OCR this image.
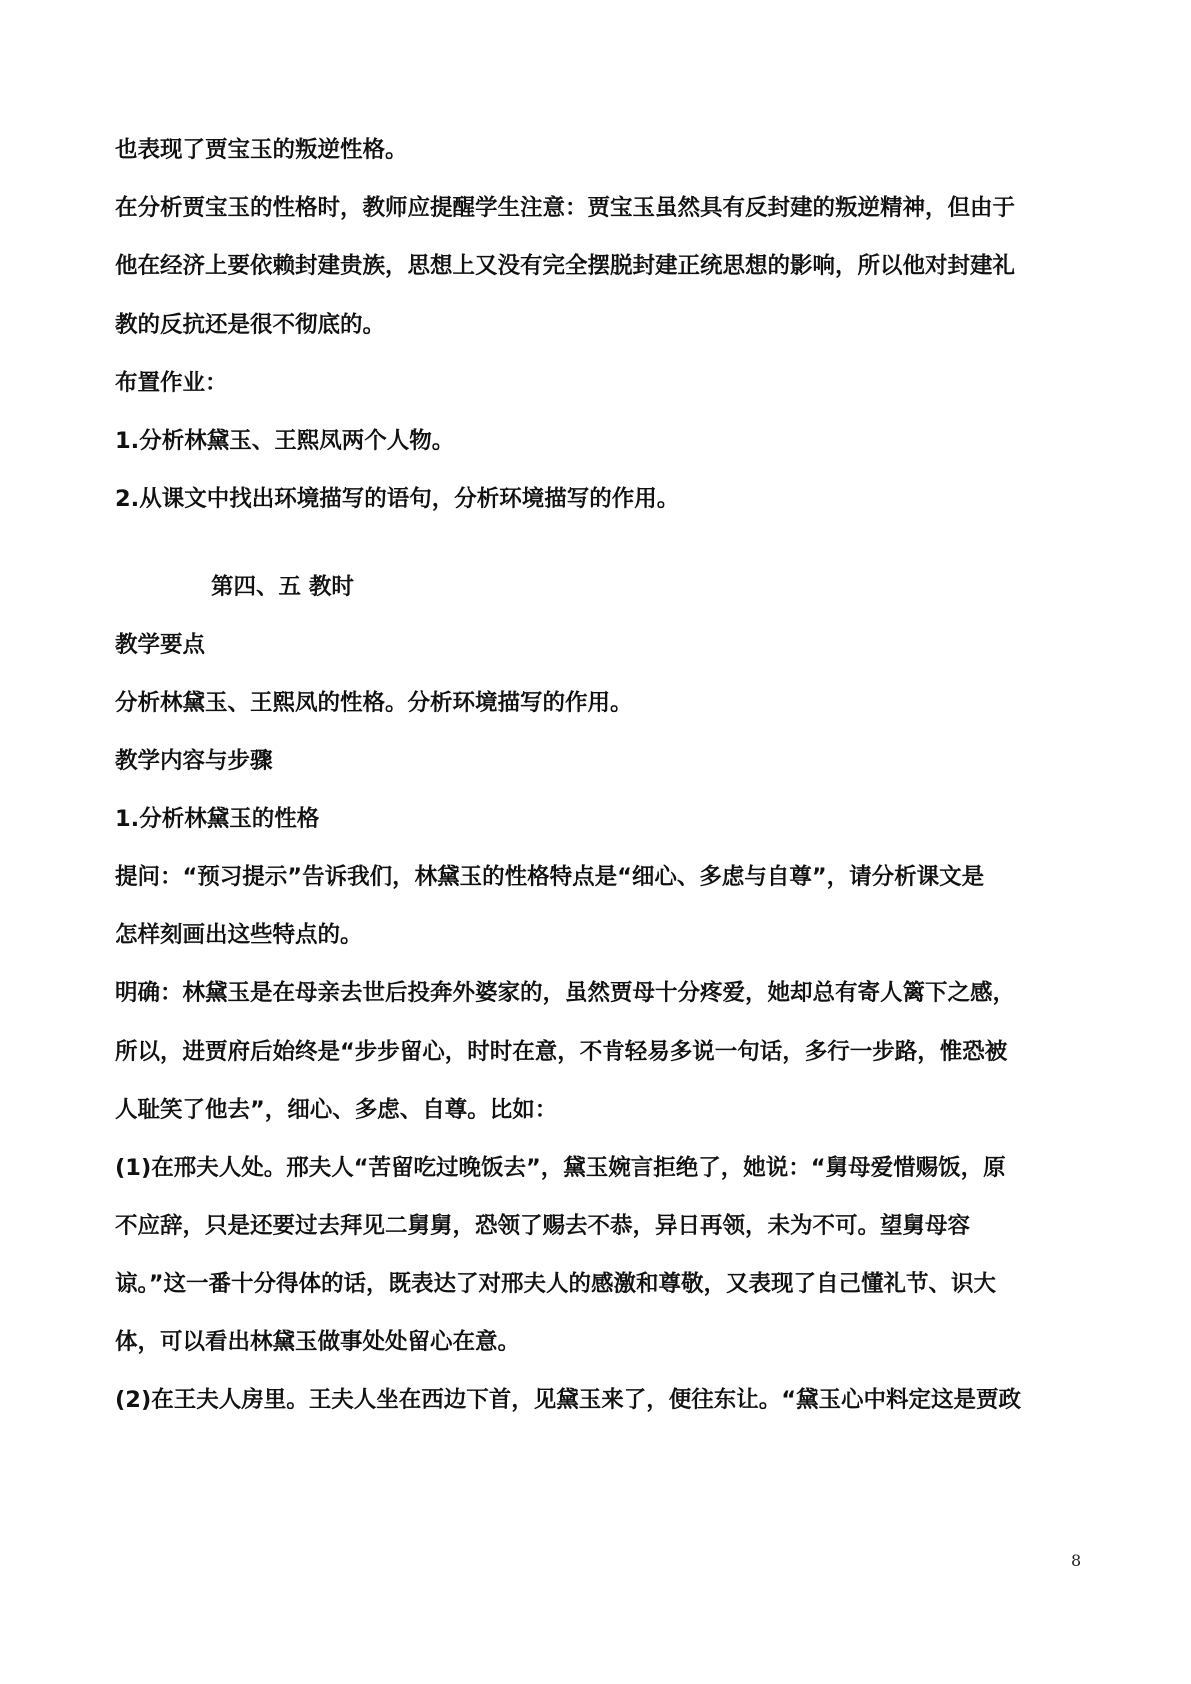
也表现了贾宝玉的叛逆性格。
在分析贾宝玉的性格时，教师应提醒学生注意：贾宝玉虽然具有反封建的叛逆精神，但由于
他在经济上要依赖封建贵族，思想上又没有完全摆脱封建正统思想的影响，所以他对封建礼
教的反抗还是很不彻底的。
布置作业：
1.分析林黛玉、王熙凤两个人物。
2.从课文中找出环境描写的语句，分析环境描写的作用。
第四、五 教时
教学要点
分析林黛玉、王熙凤的性格。分析环境描写的作用。
教学内容与步骤
1.分析林黛玉的性格
提问：“预习提示”告诉我们，林黛玉的性格特点是“细心、多虑与自尊”，请分析课文是
怎样刻画出这些特点的。
明确：林黛玉是在母亲去世后投奔外婆家的，虽然贾母十分疼爱，她却总有寄人篱下之感，
所以，进贾府后始终是“步步留心，时时在意，不肯轻易多说一句话，多行一步路，惟恐被
人耻笑了他去”，细心、多虑、自尊。比如：
(1)在邢夫人处。邢夫人“苦留吃过晚饭去”，黛玉婉言拒绝了，她说：“舅母爱惜赐饭，原
不应辞，只是还要过去拜见二舅舅，恐领了赐去不恭，异日再领，未为不可。望舅母容
谅。”这一番十分得体的话，既表达了对邢夫人的感激和尊敬，又表现了自己懂礼节、识大
体，可以看出林黛玉做事处处留心在意。
(2)在王夫人房里。王夫人坐在西边下首，见黛玉来了，便往东让。“黛玉心中料定这是贾政
8
